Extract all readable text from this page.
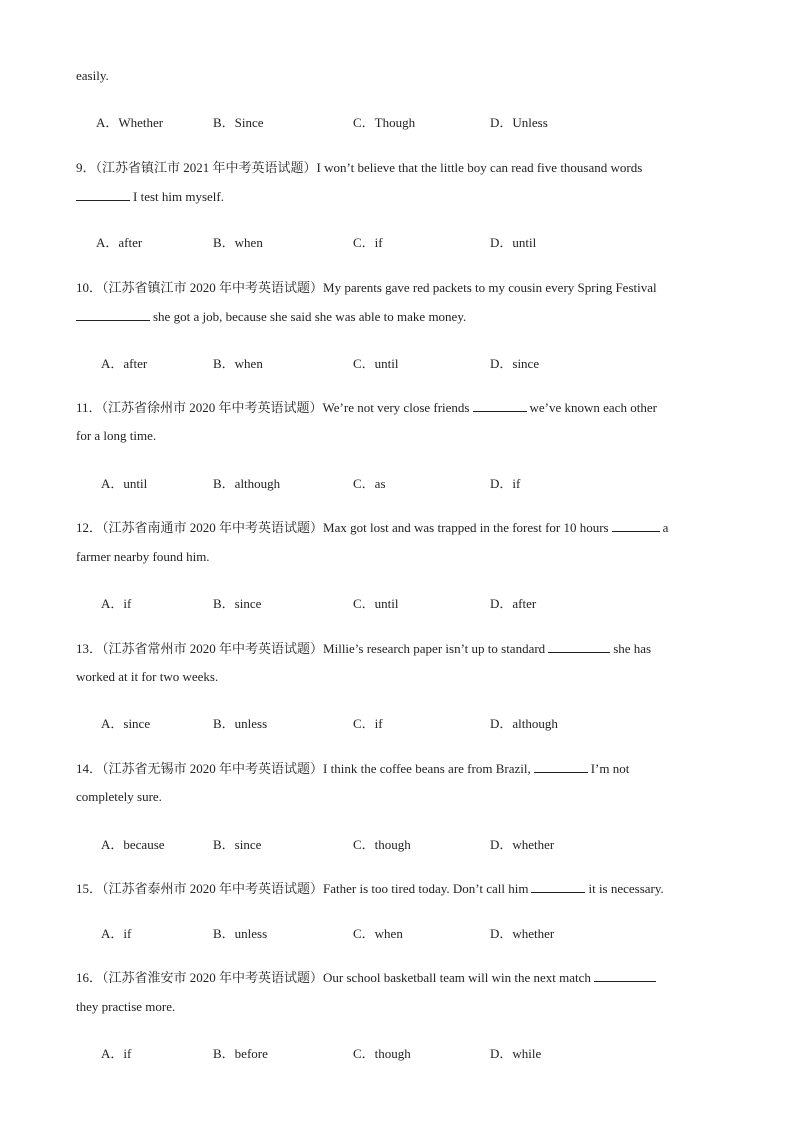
easily.
A．Whether	B．Since	C．Though	D．Unless
9．（江苏省镇江市 2021 年中考英语试题）I won’t believe that the little boy can read five thousand words
I test him myself.
A．after	B．when	C．if	D．until
10．（江苏省镇江市 2020 年中考英语试题）My parents gave red packets to my cousin every Spring Festival
she got a job, because she said she was able to make money.
A．after	B．when	C．until	D．since
11．（江苏省徐州市 2020 年中考英语试题）We’re not very close friends	we’ve known each other
for a long time.
A．until	B．although	C．as	D．if
12．（江苏省南通市 2020 年中考英语试题）Max got lost and was trapped in the forest for 10 hours	a
farmer nearby found him.
A．if	B．since	C．until	D．after
13．（江苏省常州市 2020 年中考英语试题）Millie’s research paper isn’t up to standard	she has
worked at it for two weeks.
A．since	B．unless	C．if	D．although
14．（江苏省无锡市 2020 年中考英语试题）I think the coffee beans are from Brazil,	I’m not
completely sure.
A．because	B．since	C．though	D．whether
15．（江苏省泰州市 2020 年中考英语试题）Father is too tired today. Don’t call him	it is necessary.
A．if	B．unless	C．when	D．whether
16．（江苏省淮安市 2020 年中考英语试题）Our school basketball team will win the next match
they practise more.
A．if	B．before	C．though	D．while
